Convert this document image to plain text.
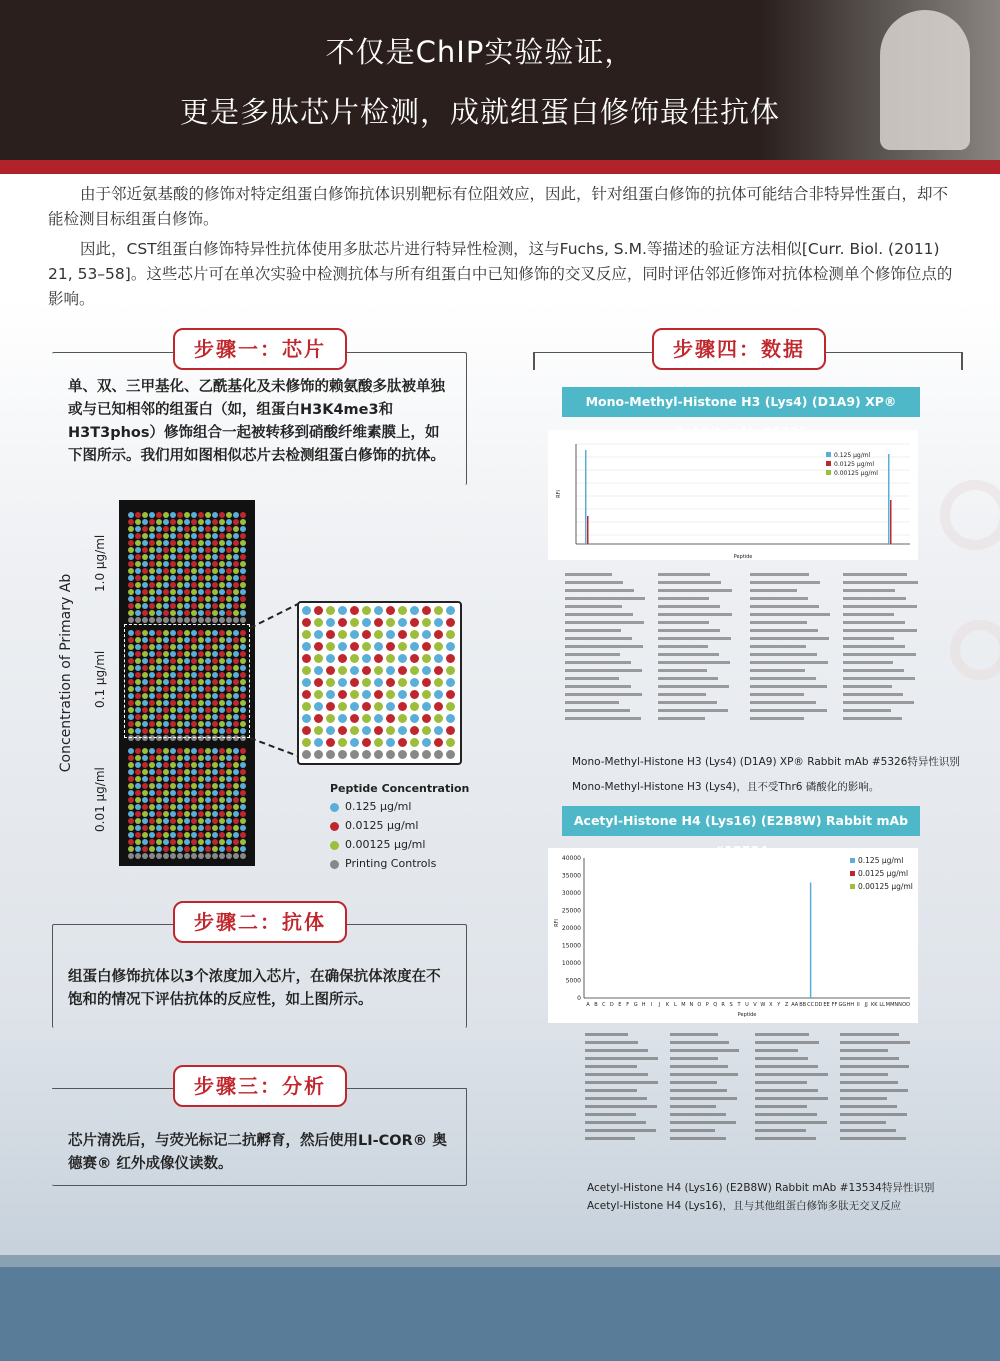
不仅是ChIP实验验证，
更是多肽芯片检测，成就组蛋白修饰最佳抗体
由于邻近氨基酸的修饰对特定组蛋白修饰抗体识别靶标有位阻效应，因此，针对组蛋白修饰的抗体可能结合非特异性蛋白，却不能检测目标组蛋白修饰。
因此，CST组蛋白修饰特异性抗体使用多肽芯片进行特异性检测，这与Fuchs, S.M.等描述的验证方法相似[Curr. Biol. (2011) 21, 53–58]。这些芯片可在单次实验中检测抗体与所有组蛋白中已知修饰的交叉反应，同时评估邻近修饰对抗体检测单个修饰位点的影响。
步骤一：芯片
单、双、三甲基化、乙酰基化及未修饰的赖氨酸多肽被单独或与已知相邻的组蛋白（如，组蛋白H3K4me3和H3T3phos）修饰组合一起被转移到硝酸纤维素膜上，如下图所示。我们用如图相似芯片去检测组蛋白修饰的抗体。
Concentration of Primary Ab
1.0 μg/ml
0.1 μg/ml
0.01 μg/ml	Peptide Concentration
0.125 μg/ml
0.0125 μg/ml
0.00125 μg/ml
Printing Controls
步骤二：抗体
组蛋白修饰抗体以3个浓度加入芯片，在确保抗体浓度在不饱和的情况下评估抗体的反应性，如上图所示。
步骤三：分析
芯片清洗后，与荧光标记二抗孵育，然后使用LI-COR® 奥德赛® 红外成像仪读数。
步骤四：数据
Mono-Methyl-Histone H3 (Lys4) (D1A9) XP®
0.125 μg/ml
0.0125 μg/ml
0.00125 μg/ml
Peptide
RFI
Mono-Methyl-Histone H3 (Lys4) (D1A9) XP® Rabbit mAb #5326特异性识别
Mono-Methyl-Histone H3 (Lys4)，且不受Thr6 磷酸化的影响。
Acetyl-Histone H4 (Lys16) (E2B8W) Rabbit mAb
40000
35000
30000
25000
20000
15000
10000
5000
0
A B C D E F G H I J K L M N O P Q R S T U V W X Y Z AA BB CC DD EE FF GG HH II JJ KK LL MM NN OO
0.125 μg/ml
0.0125 μg/ml
0.00125 μg/ml
Peptide
RFI
Acetyl-Histone H4 (Lys16) (E2B8W) Rabbit mAb #13534特异性识别
Acetyl-Histone H4 (Lys16)，且与其他组蛋白修饰多肽无交叉反应
